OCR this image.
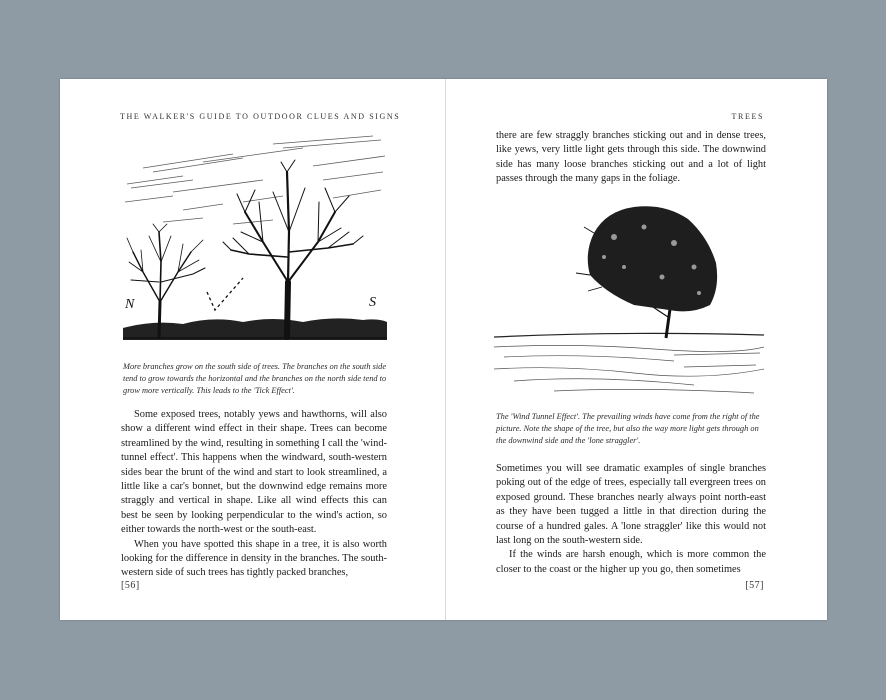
THE WALKER'S GUIDE TO OUTDOOR CLUES AND SIGNS
N	S

More branches grow on the south side of trees. The branches on the south side tend to grow towards the horizontal and the branches on the north side tend to grow more vertically. This leads to the 'Tick Effect'.

Some exposed trees, notably yews and hawthorns, will also show a different wind effect in their shape. Trees can become streamlined by the wind, resulting in something I call the 'wind-tunnel effect'. This happens when the windward, south-western sides bear the brunt of the wind and start to look streamlined, a little like a car's bonnet, but the downwind edge remains more straggly and vertical in shape. Like all wind effects this can best be seen by looking perpendicular to the wind's action, so either towards the north-west or the south-east.

When you have spotted this shape in a tree, it is also worth looking for the difference in density in the branches. The south-western side of such trees has tightly packed branches,

[56]
TREES

there are few straggly branches sticking out and in dense trees, like yews, very little light gets through this side. The downwind side has many loose branches sticking out and a lot of light passes through the many gaps in the foliage.

The 'Wind Tunnel Effect'. The prevailing winds have come from the right of the picture. Note the shape of the tree, but also the way more light gets through on the downwind side and the 'lone straggler'.

Sometimes you will see dramatic examples of single branches poking out of the edge of trees, especially tall evergreen trees on exposed ground. These branches nearly always point north-east as they have been tugged a little in that direction during the course of a hundred gales. A 'lone straggler' like this would not last long on the south-western side.

If the winds are harsh enough, which is more common the closer to the coast or the higher up you go, then sometimes

[57]
